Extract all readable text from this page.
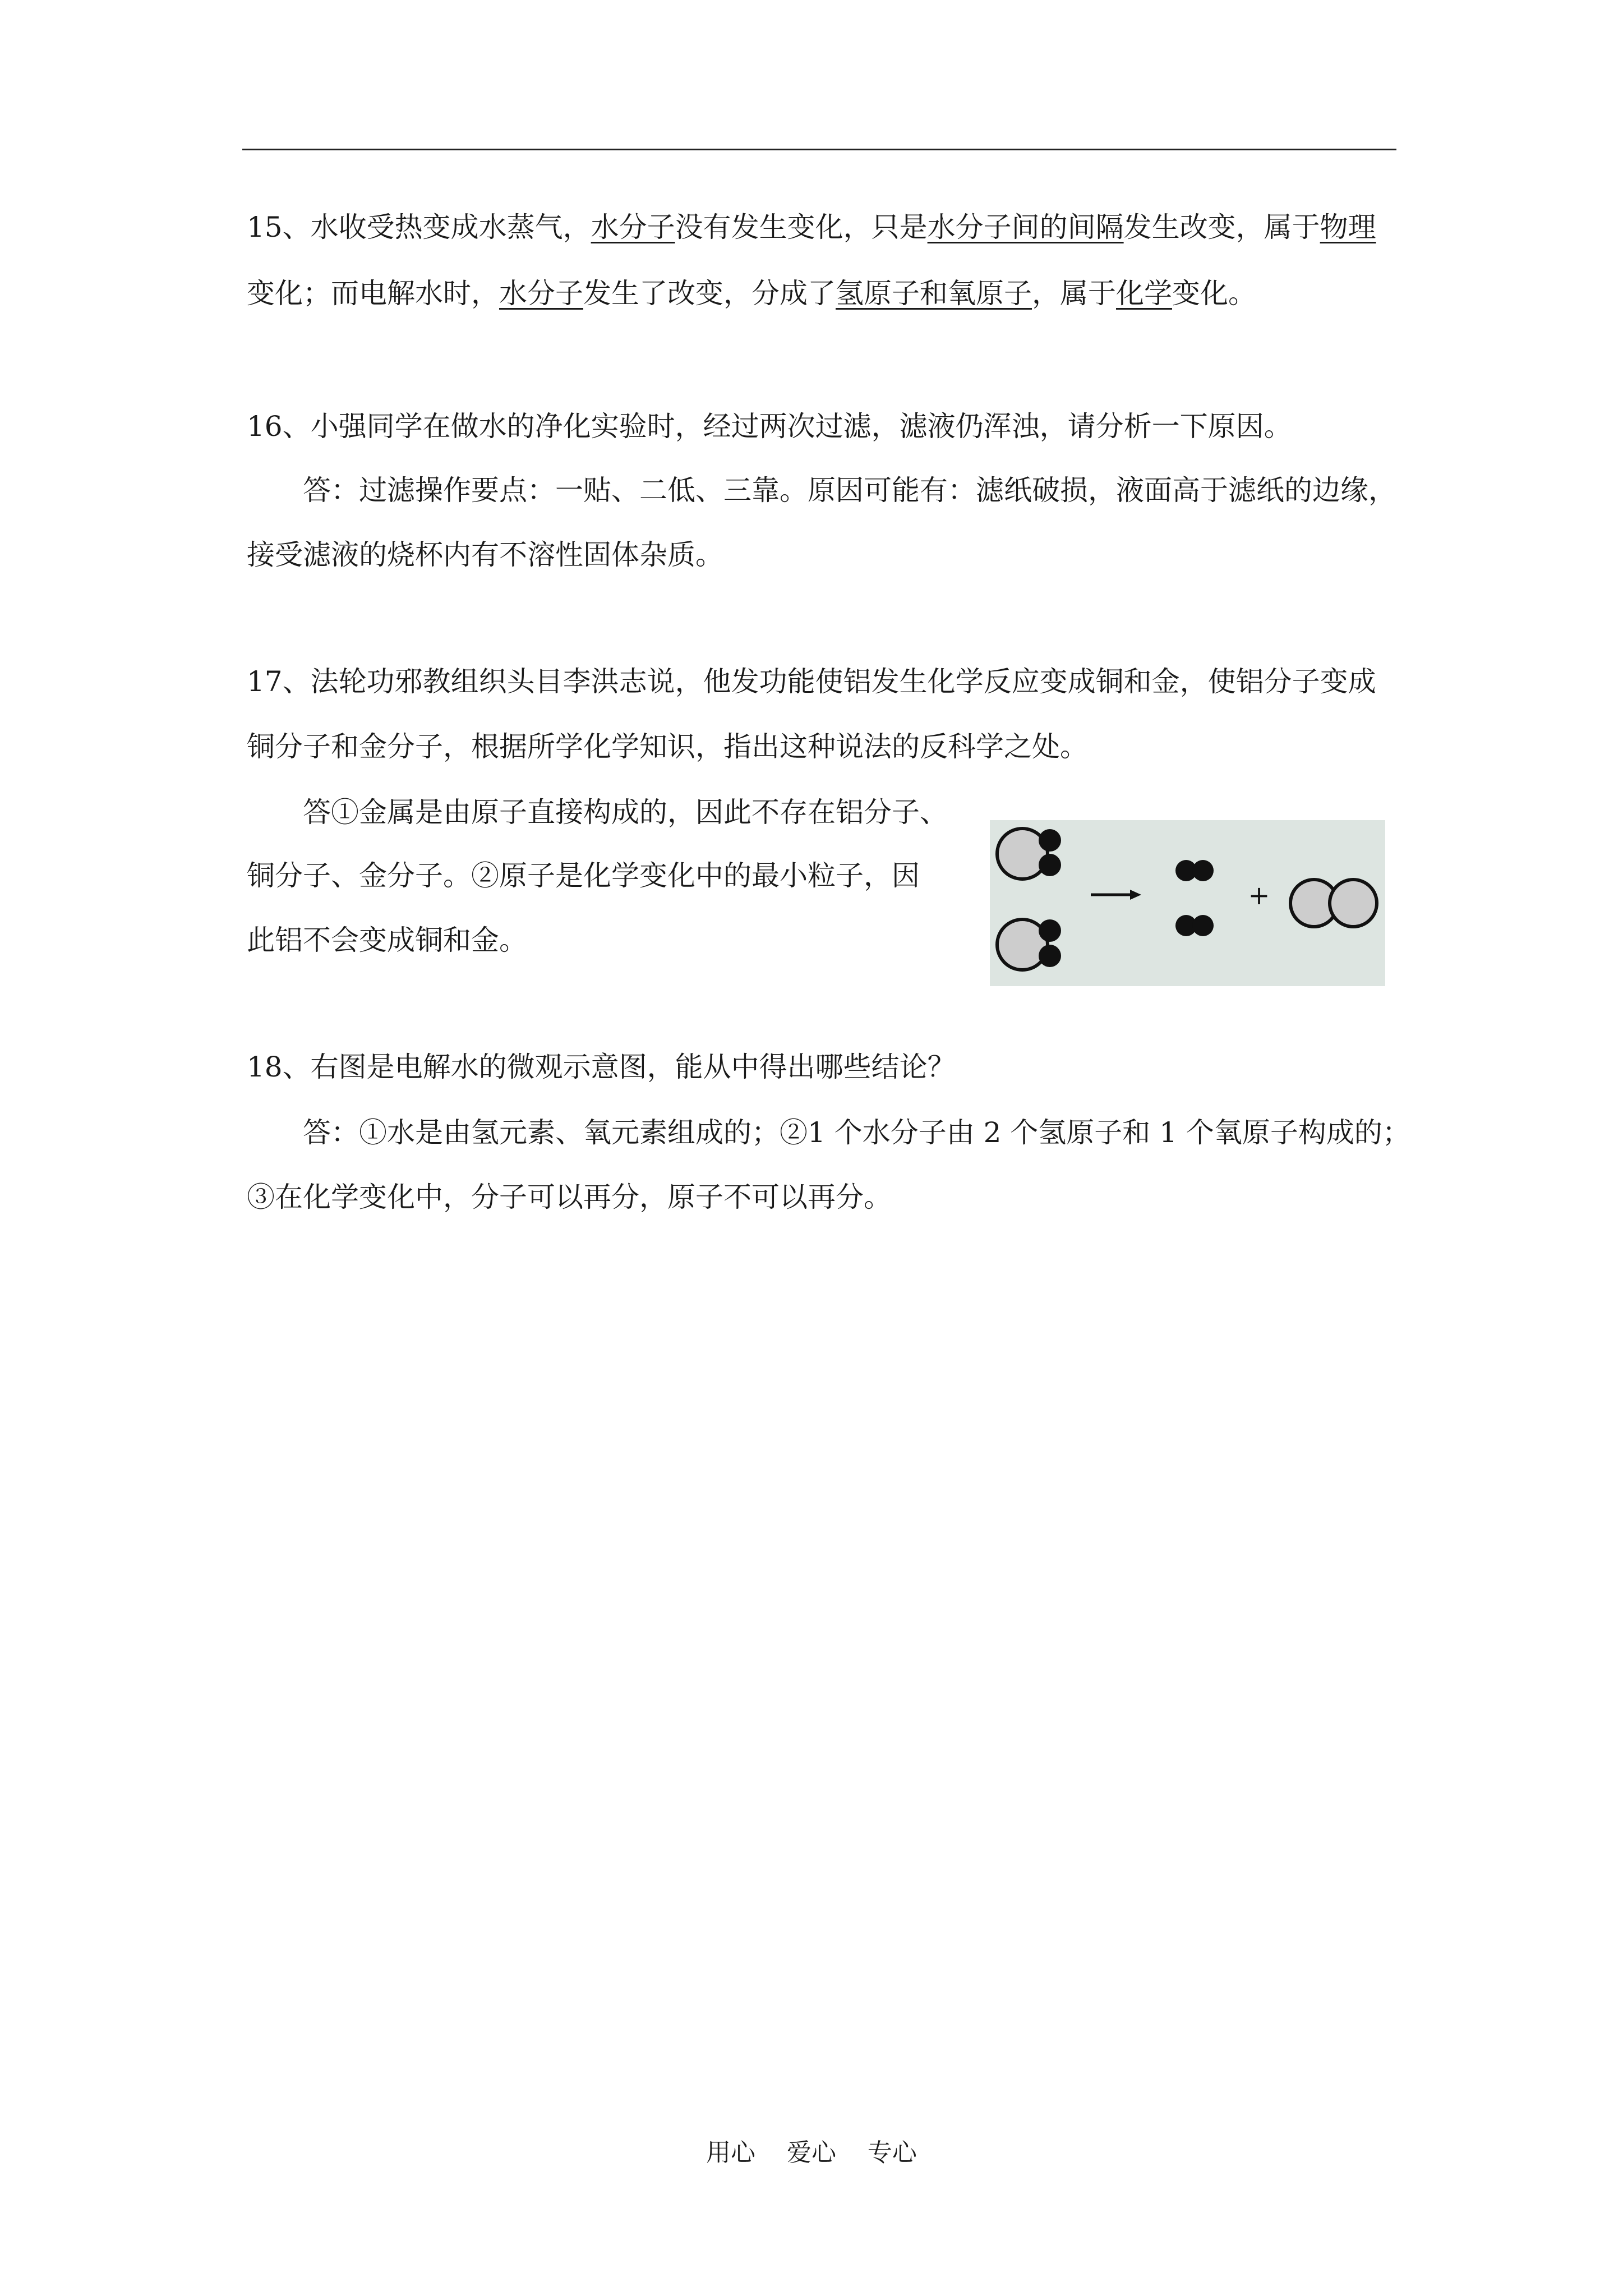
15、水收受热变成水蒸气，水分子没有发生变化，只是水分子间的间隔发生改变，属于物理
变化；而电解水时，水分子发生了改变，分成了氢原子和氧原子，属于化学变化。
16、小强同学在做水的净化实验时，经过两次过滤，滤液仍浑浊，请分析一下原因。
答：过滤操作要点：一贴、二低、三靠。原因可能有：滤纸破损，液面高于滤纸的边缘，
接受滤液的烧杯内有不溶性固体杂质。
17、法轮功邪教组织头目李洪志说，他发功能使铝发生化学反应变成铜和金，使铝分子变成
铜分子和金分子，根据所学化学知识，指出这种说法的反科学之处。
答①金属是由原子直接构成的，因此不存在铝分子、
铜分子、金分子。②原子是化学变化中的最小粒子，因
此铝不会变成铜和金。
+
18、右图是电解水的微观示意图，能从中得出哪些结论？
答：①水是由氢元素、氧元素组成的；②1 个水分子由 2 个氢原子和 1 个氧原子构成的；
③在化学变化中，分子可以再分，原子不可以再分。
用心    爱心    专心
